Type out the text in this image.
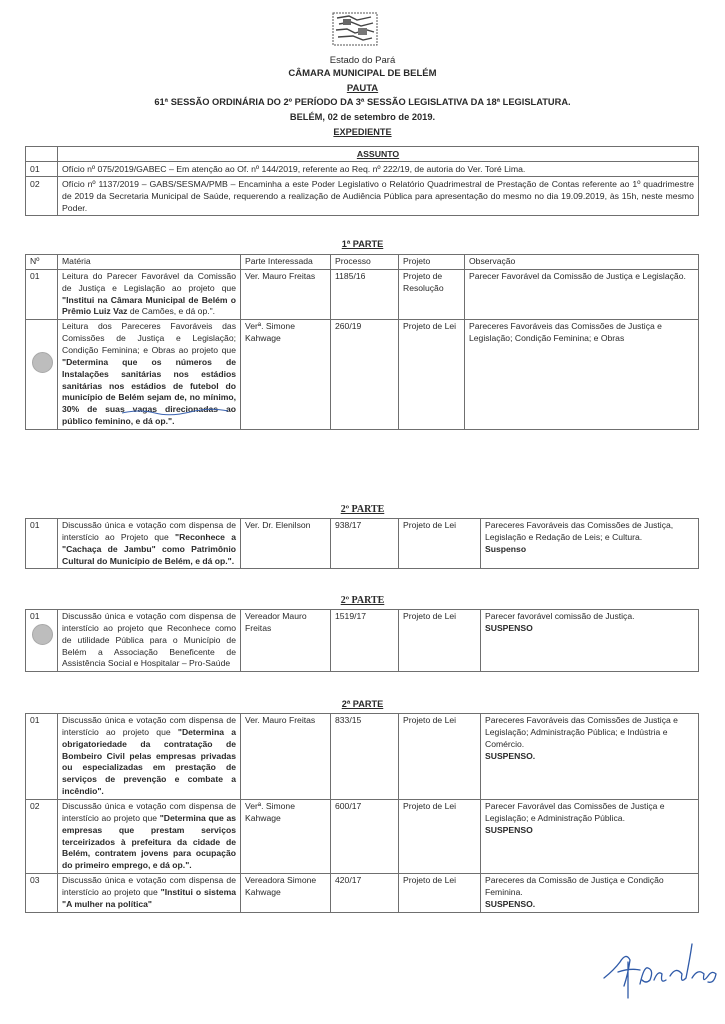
Estado do Pará
CÂMARA MUNICIPAL DE BELÉM
PAUTA
61ª SESSÃO ORDINÁRIA DO 2º PERÍODO DA 3ª SESSÃO LEGISLATIVA DA 18ª LEGISLATURA.
BELÉM, 02 de setembro de 2019.
EXPEDIENTE
	ASSUNTO
01	Ofício nº 075/2019/GABEC – Em atenção ao Of. nº 144/2019, referente ao Req. nº 222/19, de autoria do Ver. Toré Lima.
02	Ofício nº 1137/2019 – GABS/SESMA/PMB – Encaminha a este Poder Legislativo o Relatório Quadrimestral de Prestação de Contas referente ao 1º quadrimestre de 2019 da Secretaria Municipal de Saúde, requerendo a realização de Audiência Pública para apresentação do mesmo no dia 19.09.2019, às 15h, neste mesmo Poder.
1ª PARTE
Nº	Matéria	Parte Interessada	Processo	Projeto	Observação
01	Leitura do Parecer Favorável da Comissão de Justiça e Legislação ao projeto que "Institui na Câmara Municipal de Belém o Prêmio Luiz Vaz de Camões, e dá op.".	Ver. Mauro Freitas	1185/16	Projeto de Resolução	Parecer Favorável da Comissão de Justiça e Legislação.
	Leitura dos Pareceres Favoráveis das Comissões de Justiça e Legislação; Condição Feminina; e Obras ao projeto que "Determina que os números de Instalações sanitárias nos estádios sanitárias nos estádios de futebol do município de Belém sejam de, no mínimo, 30% de suas vagas direcionadas ao público feminino, e dá op.".	Verª. Simone Kahwage	260/19	Projeto de Lei	Pareceres Favoráveis das Comissões de Justiça e Legislação; Condição Feminina; e Obras
2º PARTE
01	Discussão única e votação com dispensa de interstício ao Projeto que "Reconhece a "Cachaça de Jambu" como Patrimônio Cultural do Município de Belém, e dá op.".	Ver. Dr. Elenilson	938/17	Projeto de Lei	Pareceres Favoráveis das Comissões de Justiça, Legislação e Redação de Leis; e Cultura.
Suspenso
2º PARTE
01	Discussão única e votação com dispensa de interstício ao projeto que Reconhece como de utilidade Pública para o Município de Belém a Associação Beneficente de Assistência Social e Hospitalar – Pro-Saúde	Vereador Mauro Freitas	1519/17	Projeto de Lei	Parecer favorável comissão de Justiça.
SUSPENSO
2ª PARTE
01	Discussão única e votação com dispensa de interstício ao projeto que "Determina a obrigatoriedade da contratação de Bombeiro Civil pelas empresas privadas ou especializadas em prestação de serviços de prevenção e combate a incêndio".	Ver. Mauro Freitas	833/15	Projeto de Lei	Pareceres Favoráveis das Comissões de Justiça e Legislação; Administração Pública; e Indústria e Comércio.
SUSPENSO.
02	Discussão única e votação com dispensa de interstício ao projeto que "Determina que as empresas que prestam serviços terceirizados à prefeitura da cidade de Belém, contratem jovens para ocupação do primeiro emprego, e dá op.".	Verª. Simone Kahwage	600/17	Projeto de Lei	Parecer Favorável das Comissões de Justiça e Legislação; e Administração Pública.
SUSPENSO
03	Discussão única e votação com dispensa de interstício ao projeto que "Institui o sistema "A mulher na política"	Vereadora Simone Kahwage	420/17	Projeto de Lei	Pareceres da Comissão de Justiça e Condição Feminina.
SUSPENSO.
